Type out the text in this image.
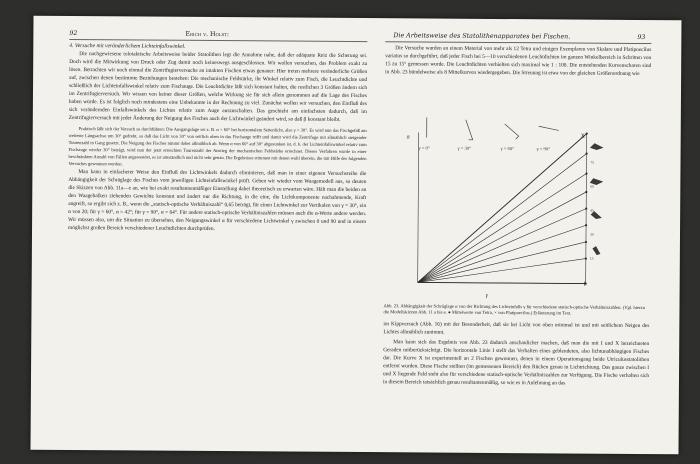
92	Erich v. Holst:	Die Arbeitsweise des Statolithenapparates bei Fischen.	93

4. Versuche mit veränderlichem Lichteinfallswinkel.

Die nachgewiesene tolotaktische Arbeitsweise beider Statolithen legt die Annahme nahe, daß der adäquate Reiz die Scherung sei. Doch wird die Mitwirkung von Druck oder Zug damit noch keineswegs ausgeschlossen. Wir wollen versuchen, das Problem exakt zu lösen. Betrachten wir noch einmal die Zentrifugierversuche an intakten Fischen etwas genauer: Hier treten mehrere veränderliche Größen auf, zwischen denen bestimmte Beziehungen bestehen: Die mechanische Feldstärke, ihr Winkel relativ zum Fisch, die Leuchtdichte und schließlich der Lichteinfallswinkel relativ zum Fischauge. Die Leuchtdichte läßt sich konstant halten, die restlichen 3 Größen ändern sich im Zentrifugierversuch. Wir wissen von keiner dieser Größen, welche Wirkung sie für sich allein genommen auf die Lage des Fisches haben würde. Es ist folglich noch mindestens eine Unbekannte in der Rechnung zu viel. Zunächst wollen wir versuchen, den Einfluß des sich verändernden Einfallswinkels des Lichtes relativ zum Auge auszuschalten. Das geschieht am einfachsten dadurch, daß im Zentrifugierversuch mit jeder Änderung der Neigung des Fisches auch der Lichtwinkel geändert wird, so daß β konstant bleibt.

Praktisch läßt sich der Versuch so durchführen: Die Ausgangslage sei z. B. α = 60° bei horizontalem Seitenlicht, also γ = 30°. Es wird nun das Fischgefäß am weiteste Längsachse um 30° gedreht, so daß das Licht von 30° von seitlich oben in das Fischauge trifft und damit wird die Zentrifuge mit allmählich steigender Tourenzahl in Gang gesetzt. Die Neigung des Fisches nimmt dabei allmählich ab. Wenn α von 60° auf 30° abgesunken ist, d. h. der Lichteinfallswinkel relativ zum Fischauge wieder 30° beträgt, wird nun der jetzt erreichten Tourenzahl der Anstieg der mechanischen Feldstärke errechnet. Dieses Verfahren wurde in einer beschränkten Anzahl von Fällen angewendet, es ist umständlich und nicht sehr genau. Die Ergebnisse stimmen mit denen wohl überein, die mit Hilfe des folgenden Versuches gewonnen wurden.

Man kann in einfacherer Weise den Einfluß des Lichtwinkels dadurch eliminieren, daß man in einer eigenen Versuchsreihe die Abhängigkeit der Schräglage des Fisches vom jeweiligen Lichteinfallswinkel prüft. Gehen wir wieder vom Waagemodell aus, so deuten die Skizzen von Abb. 11a—e an, wie bei exakt resultantenmäßiger Einstellung dabei theoretisch zu erwarten wäre. Hält man die beiden an den Waagebalken ziehenden Gewichte konstant und ändert nur die Richtung, in die eine, die Lichtkomponente nachahmende, Kraft angreift, so ergibt sich z. B., wenn die „statisch-optische Verhältniszahl“ 0,65 beträgt, für einen Lichtwinkel zur Vertikalen von γ = 30°, ein α von 20; für γ = 60°, α = 42°; für γ = 90°, α = 64°. Für andere statisch-optische Verhältniszahlen müssen auch die α-Werte andere werden. Wir müssen also, um die Situation zu übersehen, den Neigungswinkel α für verschiedene Lichtwinkel γ zwischen 0 und 90 und in einem möglichst großen Bereich verschiedener Leuchtdichten durchprüfen.

Die Versuche wurden an einem Material von mehr als 12 Tetra und einigen Exemplaren von Skalare und Platipoecilus variatus so durchgeführt, daß jeder Fisch bei 5—10 verschiedenen Leuchtdichten im ganzen Winkelbereich in Schritten von 15 zu 15° gemessen wurde. Die Leuchtdichten verhielten sich maximal wie 1 : 100. Die entstehenden Kurvenscharen sind in Abb. 23 bündelweise als 8 Mittelkurven wiedergegeben. Die Streuung ist etwa von der gleichen Größenordnung wie

γ = 0°	γ = 30°	γ = 60°	γ = 90°
α
γ
X
I
75
60
45
30
15
Abb. 23. Abhängigkeit der Schräglage α von der Richtung des Lichteinfalls γ für verschiedene statisch-optische Verhältniszahlen. (Vgl. hierzu die Modellskizzen Abb. 11 a bis e. ● Mittelwerte von Tetra, × von Platipoecilus.) Erläuterung im Text.

im Kippversuch (Abb. 16) mit der Besonderheit, daß sie bei Licht von oben minimal ist und mit seitlichem Neigen des Lichtes allmählich zunimmt.

Man kann sich das Ergebnis von Abb. 23 dadurch anschaulicher machen, daß man die mit I und X bezeichneten Geraden mitberücksichtigt. Die horizontale Linie I stellt das Verhalten eines geblendeten, also lichtunabhängigen Fisches dar. Die Kurve X ist experimentell an 2 Fischen gewonnen, denen in einem Operationsgang beide Utriculusstatolithen entfernt wurden. Diese Fische stellten (im gemessenen Bereich) den Rücken genau in Lichtrichtung. Das ganze zwischen I und X liegende Feld steht also für verschiedene statisch-optische Verhältniszahlen zur Verfügung. Die Fische verhalten sich in diesem Bereich tatsächlich genau resultantenmäßig, so wie es in Anlehnung an das
